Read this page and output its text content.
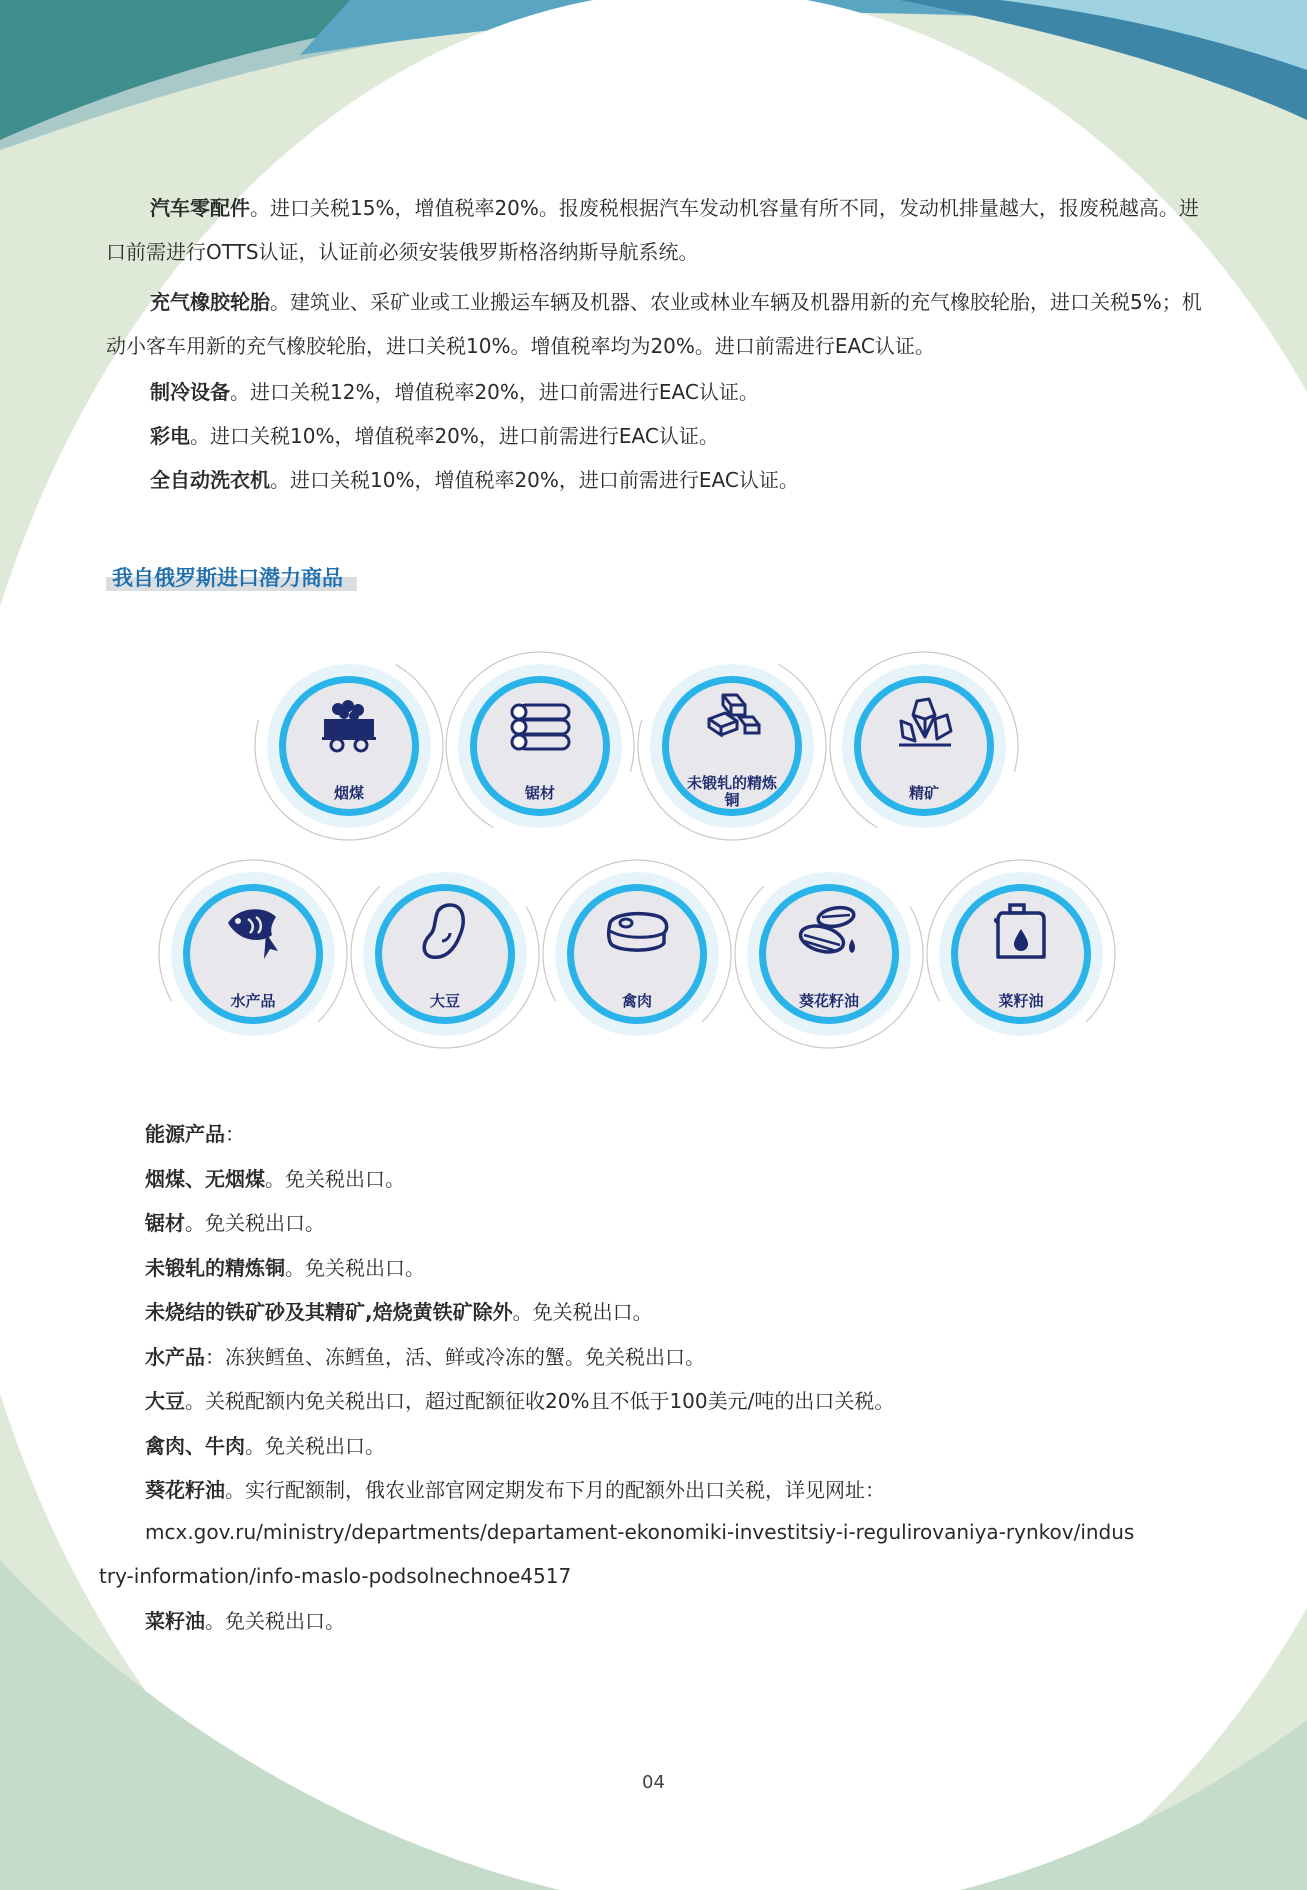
汽车零配件。进口关税15%，增值税率20%。报废税根据汽车发动机容量有所不同，发动机排量越大，报废税越高。进口前需进行OTTS认证，认证前必须安装俄罗斯格洛纳斯导航系统。

充气橡胶轮胎。建筑业、采矿业或工业搬运车辆及机器、农业或林业车辆及机器用新的充气橡胶轮胎，进口关税5%；机动小客车用新的充气橡胶轮胎，进口关税10%。增值税率均为20%。进口前需进行EAC认证。

制冷设备。进口关税12%，增值税率20%，进口前需进行EAC认证。

彩电。进口关税10%，增值税率20%，进口前需进行EAC认证。

全自动洗衣机。进口关税10%，增值税率20%，进口前需进行EAC认证。

我自俄罗斯进口潜力商品
烟煤	锯材
未锻轧的精炼铜	精矿
水产品	大豆	禽肉	葵花籽油	菜籽油

能源产品：

烟煤、无烟煤。免关税出口。

锯材。免关税出口。

未锻轧的精炼铜。免关税出口。

未烧结的铁矿砂及其精矿,焙烧黄铁矿除外。免关税出口。

水产品：冻狭鳕鱼、冻鳕鱼，活、鲜或冷冻的蟹。免关税出口。

大豆。关税配额内免关税出口，超过配额征收20%且不低于100美元/吨的出口关税。

禽肉、牛肉。免关税出口。

葵花籽油。实行配额制，俄农业部官网定期发布下月的配额外出口关税，详见网址：

mcx.gov.ru/ministry/departments/departament-ekonomiki-investitsiy-i-regulirovaniya-rynkov/indus
try-information/info-maslo-podsolnechnoe4517

菜籽油。免关税出口。

04
